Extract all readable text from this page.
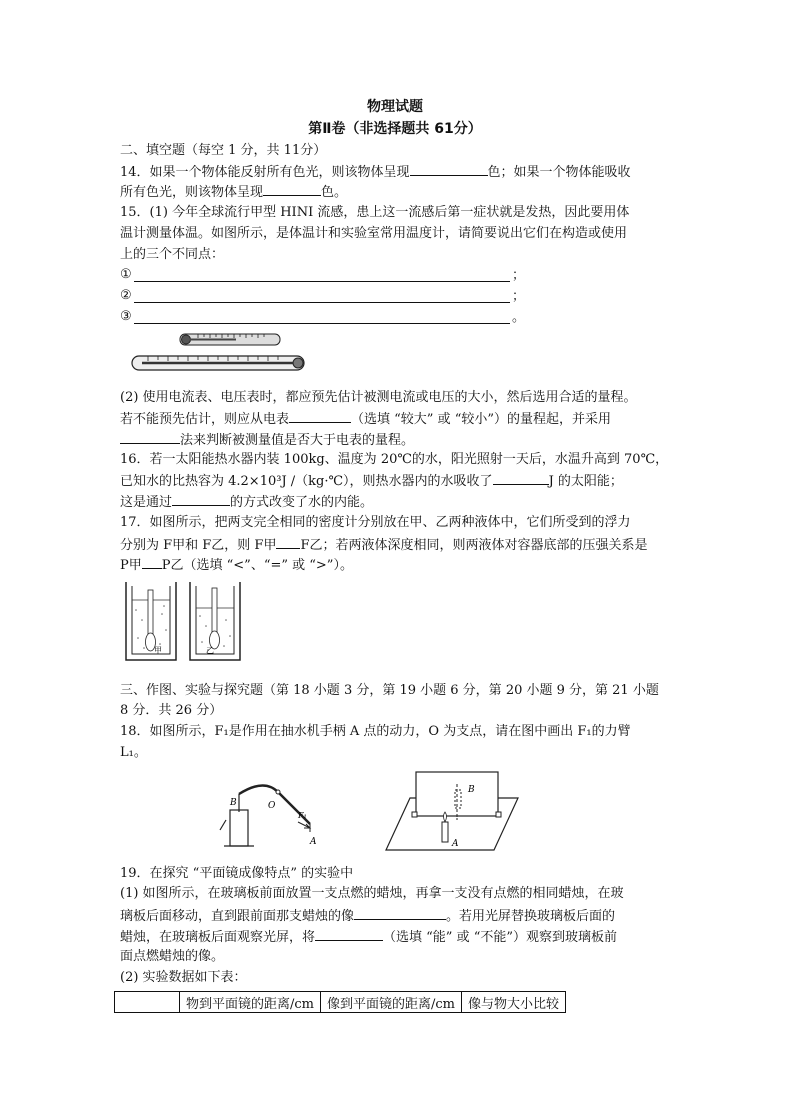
物理试题
第Ⅱ卷（非选择题共 61分）
二、填空题（每空 1 分，共 11分）
14．如果一个物体能反射所有色光，则该物体呈现	色；如果一个物体能吸收
所有色光，则该物体呈现	色。
15．(1) 今年全球流行甲型 HINI 流感，患上这一流感后第一症状就是发热，因此要用体
温计测量体温。如图所示，是体温计和实验室常用温度计，请简要说出它们在构造或使用
上的三个不同点：
①	；
②	；
③	。
(2) 使用电流表、电压表时，都应预先估计被测电流或电压的大小，然后选用合适的量程。
若不能预先估计，则应从电表	（选填 “较大” 或 “较小”）的量程起，并采用
法来判断被测量值是否大于电表的量程。
16．若一太阳能热水器内装 100kg、温度为 20℃的水，阳光照射一天后，水温升高到 70℃，
已知水的比热容为 4.2×10³J /（kg·℃），则热水器内的水吸收了	J 的太阳能；
这是通过	的方式改变了水的内能。
17．如图所示，把两支完全相同的密度计分别放在甲、乙两种液体中，它们所受到的浮力
分别为 F甲和 F乙，则 F甲 F乙；若两液体深度相同，则两液体对容器底部的压强关系是
P甲 P乙（选填 “<”、“=” 或 “>”）。
甲	乙
三、作图、实验与探究题（第 18 小题 3 分，第 19 小题 6 分，第 20 小题 9 分，第 21 小题
8 分．共 26 分）
18．如图所示，F₁是作用在抽水机手柄 A 点的动力，O 为支点，请在图中画出 F₁的力臂
L₁。
B	O
F₁
A
B
A
19．在探究 “平面镜成像特点” 的实验中
(1) 如图所示，在玻璃板前面放置一支点燃的蜡烛，再拿一支没有点燃的相同蜡烛，在玻
璃板后面移动，直到跟前面那支蜡烛的像	。若用光屏替换玻璃板后面的
蜡烛，在玻璃板后面观察光屏，将	（选填 “能” 或 “不能”）观察到玻璃板前
面点燃蜡烛的像。
(2) 实验数据如下表：
	物到平面镜的距离/cm	像到平面镜的距离/cm	像与物大小比较
